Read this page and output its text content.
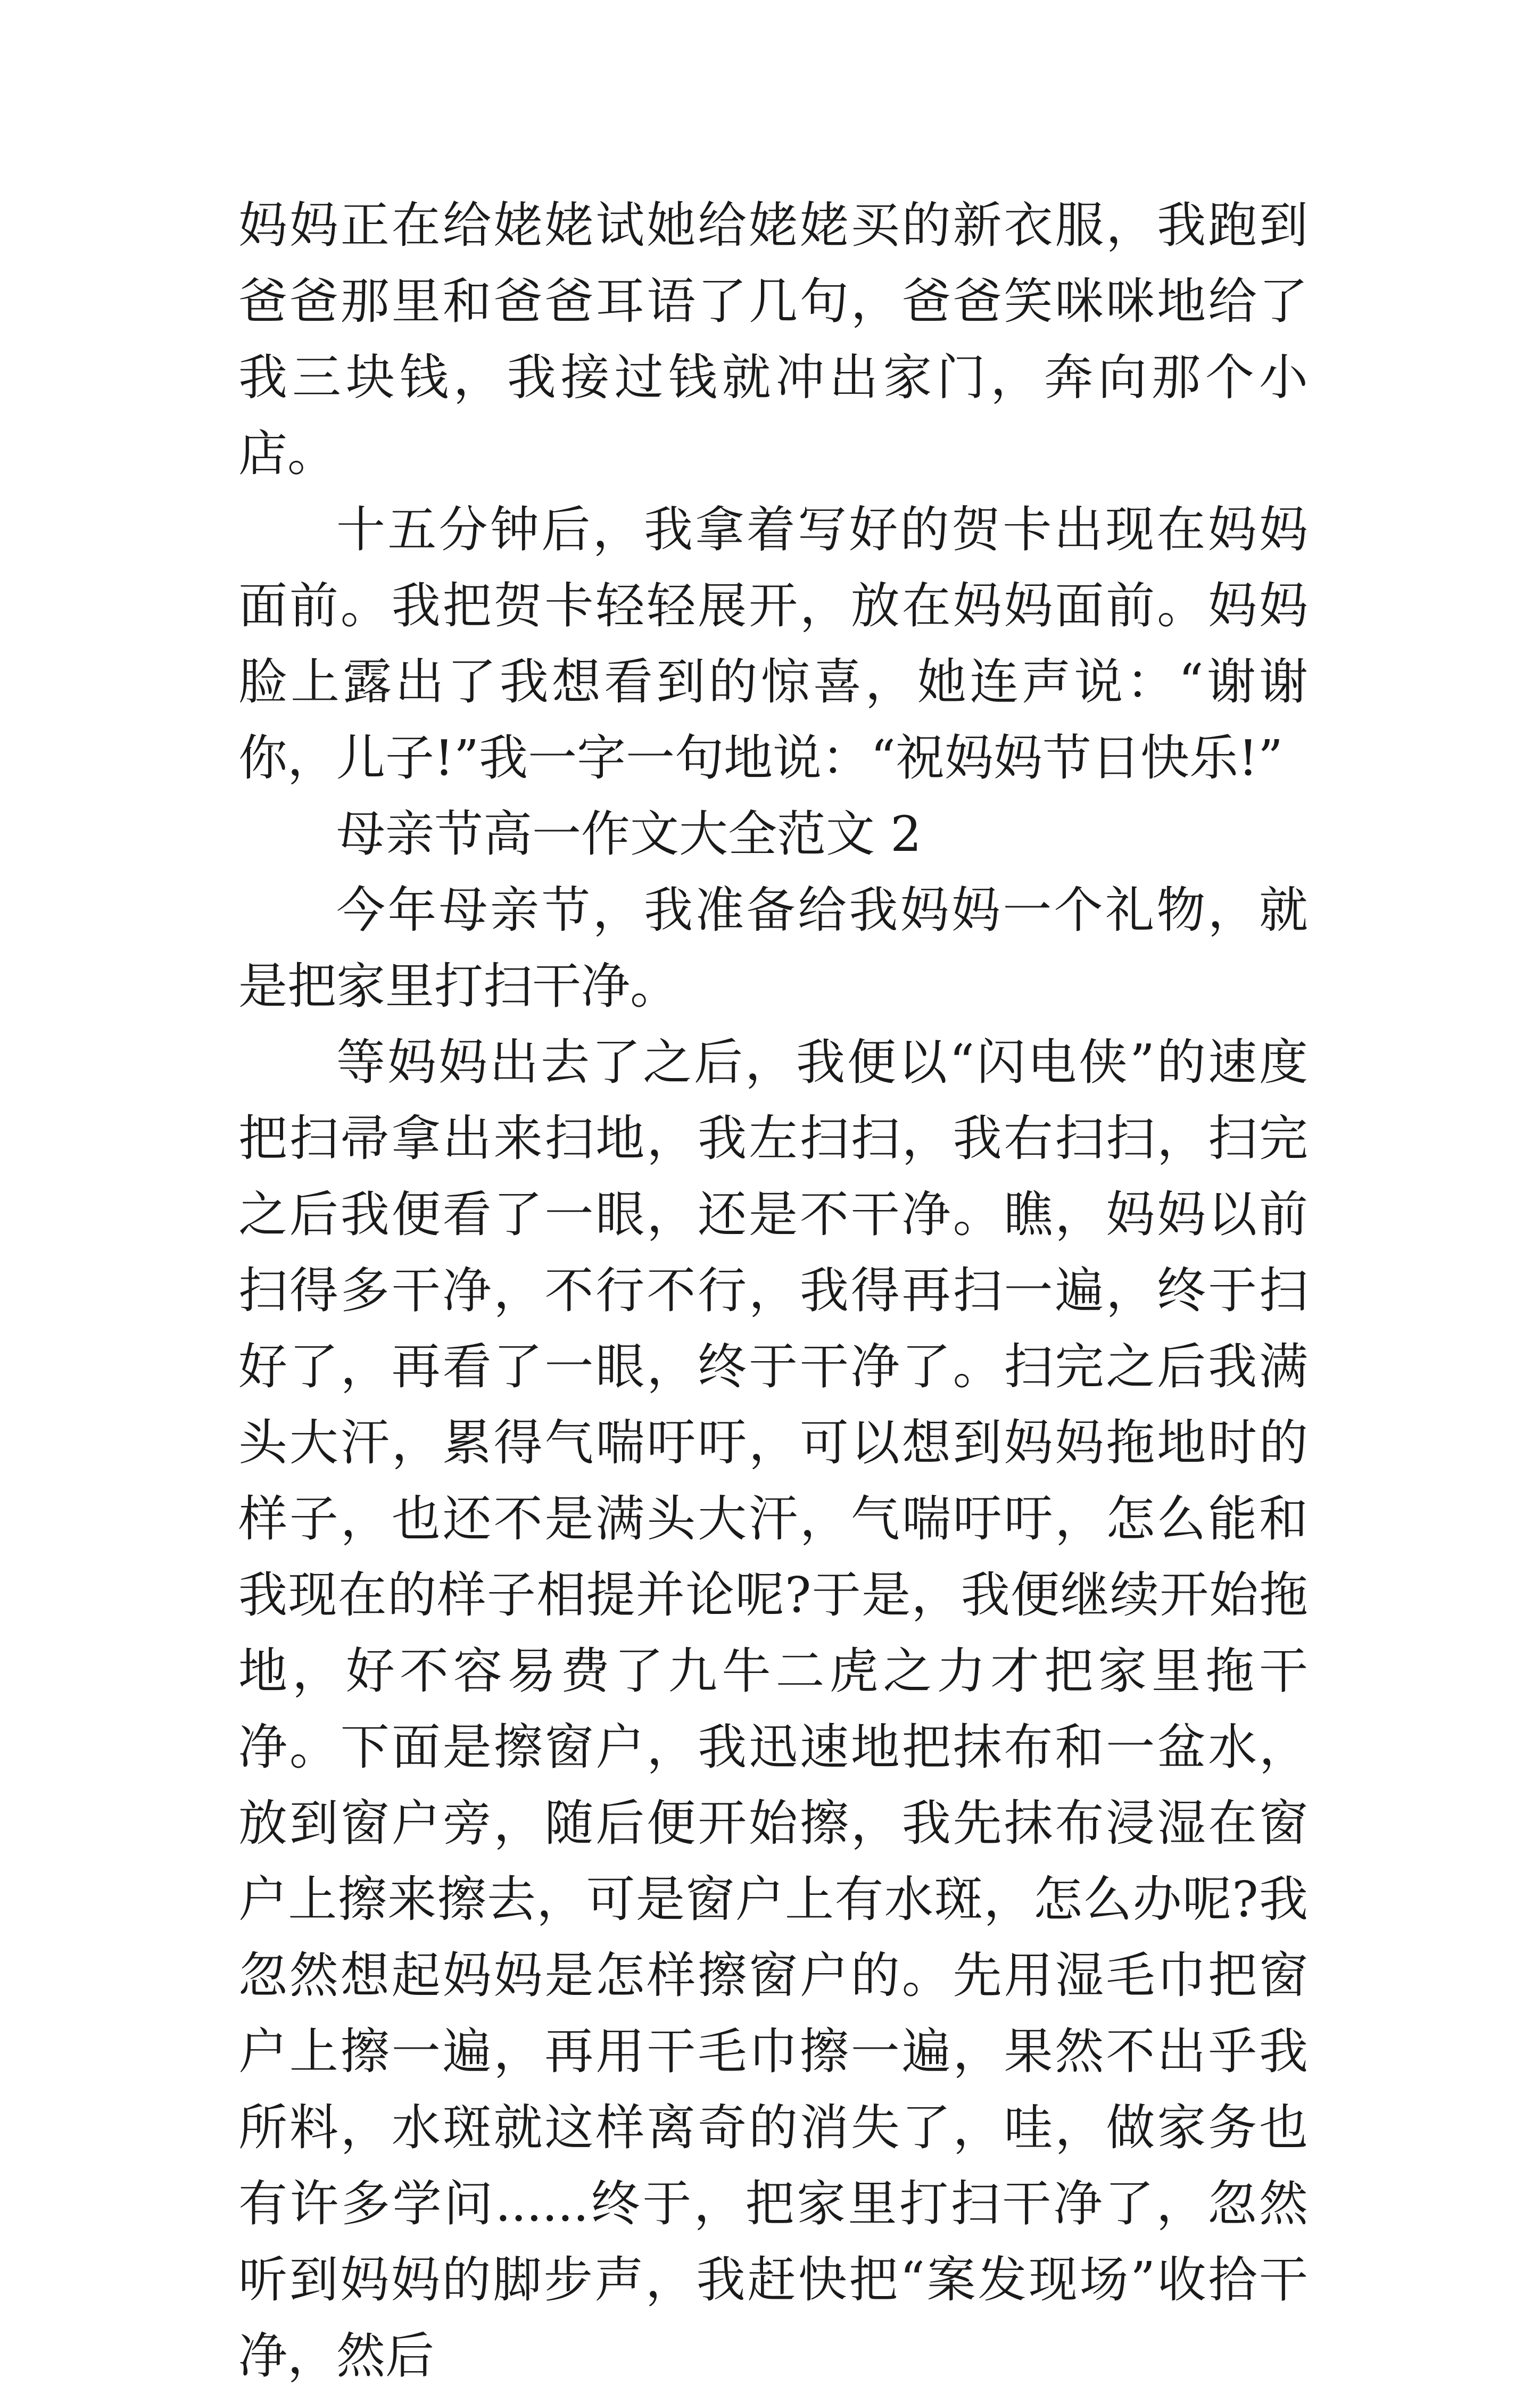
妈妈正在给姥姥试她给姥姥买的新衣服，我跑到爸爸那里和爸爸耳语了几句，爸爸笑咪咪地给了我三块钱，我接过钱就冲出家门，奔向那个小店。

十五分钟后，我拿着写好的贺卡出现在妈妈面前。我把贺卡轻轻展开，放在妈妈面前。妈妈脸上露出了我想看到的惊喜，她连声说：“谢谢你，儿子!”我一字一句地说：“祝妈妈节日快乐!”

母亲节高一作文大全范文 2

今年母亲节，我准备给我妈妈一个礼物，就是把家里打扫干净。

等妈妈出去了之后，我便以“闪电侠”的速度把扫帚拿出来扫地，我左扫扫，我右扫扫，扫完之后我便看了一眼，还是不干净。瞧，妈妈以前扫得多干净，不行不行，我得再扫一遍，终于扫好了，再看了一眼，终于干净了。扫完之后我满头大汗，累得气喘吁吁，可以想到妈妈拖地时的样子，也还不是满头大汗，气喘吁吁，怎么能和我现在的样子相提并论呢?于是，我便继续开始拖地，好不容易费了九牛二虎之力才把家里拖干净。下面是擦窗户，我迅速地把抹布和一盆水，放到窗户旁，随后便开始擦，我先抹布浸湿在窗户上擦来擦去，可是窗户上有水斑，怎么办呢?我忽然想起妈妈是怎样擦窗户的。先用湿毛巾把窗户上擦一遍，再用干毛巾擦一遍，果然不出乎我所料，水斑就这样离奇的消失了，哇，做家务也有许多学问......终于，把家里打扫干净了，忽然听到妈妈的脚步声，我赶快把“案发现场”收拾干净，然后
